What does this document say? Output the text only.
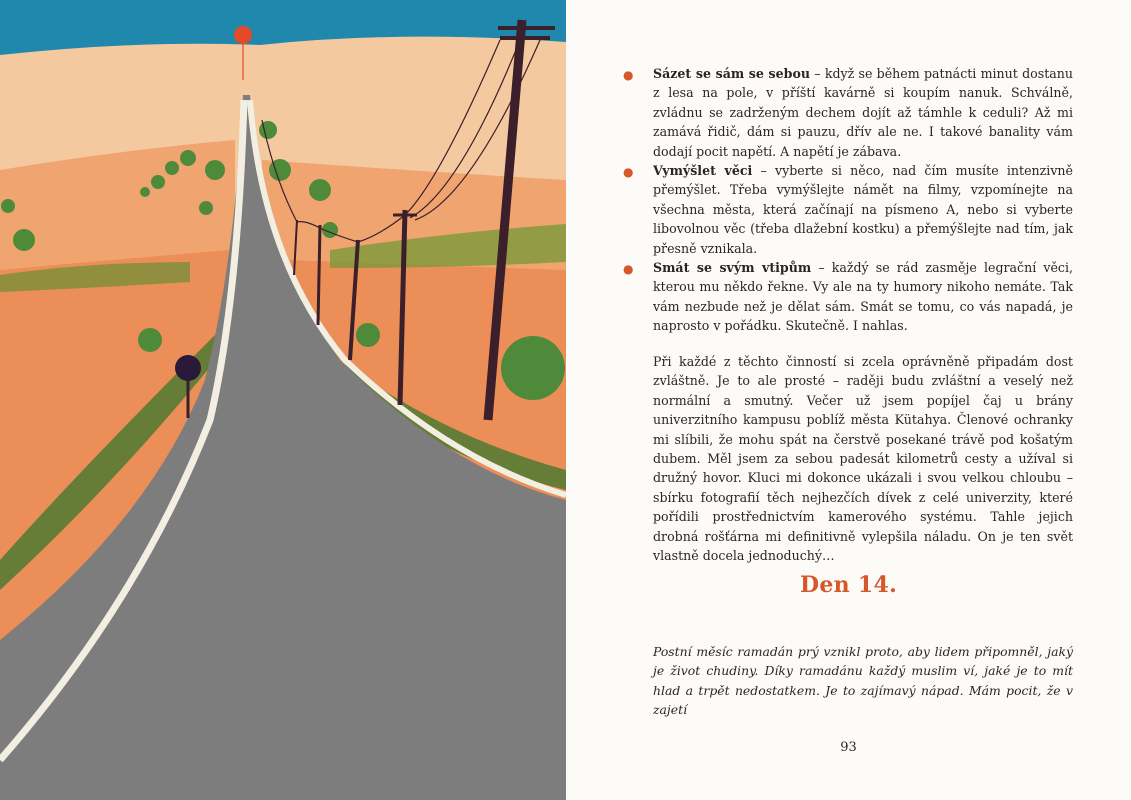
● Sázet se sám se sebou – když se během patnácti minut dostanu z lesa na pole, v příští kavárně si koupím nanuk. Schválně, zvládnu se zadrženým dechem dojít až támhle k ceduli? Až mi zamává řidič, dám si pauzu, dřív ale ne. I takové banality vám dodají pocit napětí. A napětí je zábava.
● Vymýšlet věci – vyberte si něco, nad čím musíte intenzivně přemýšlet. Třeba vymýšlejte námět na filmy, vzpomínejte na všechna města, která začínají na písmeno A, nebo si vyberte libovolnou věc (třeba dlažební kostku) a přemýšlejte nad tím, jak přesně vznikala.
● Smát se svým vtipům – každý se rád zasměje legrační věci, kterou mu někdo řekne. Vy ale na ty humory nikoho nemáte. Tak vám nezbude než je dělat sám. Smát se tomu, co vás napadá, je naprosto v pořádku. Skutečně. I nahlas.

Při každé z těchto činností si zcela oprávněně připadám dost zvláštně. Je to ale prosté – raději budu zvláštní a veselý než normální a smutný. Večer už jsem popíjel čaj u brány univerzitního kampusu poblíž města Kütahya. Členové ochranky mi slíbili, že mohu spát na čerstvě posekané trávě pod košatým dubem. Měl jsem za sebou padesát kilometrů cesty a užíval si družný hovor. Kluci mi dokonce ukázali i svou velkou chloubu – sbírku fotografií těch nejhezčích dívek z celé univerzity, které pořídili prostřednictvím kamerového systému. Tahle jejich drobná rošťárna mi definitivně vylepšila náladu. On je ten svět vlastně docela jednoduchý…

Den 14.

Postní měsíc ramadán prý vznikl proto, aby lidem připomněl, jaký je život chudiny. Díky ramadánu každý muslim ví, jaké je to mít hlad a trpět nedostatkem. Je to zajímavý nápad. Mám pocit, že v zajetí

93
